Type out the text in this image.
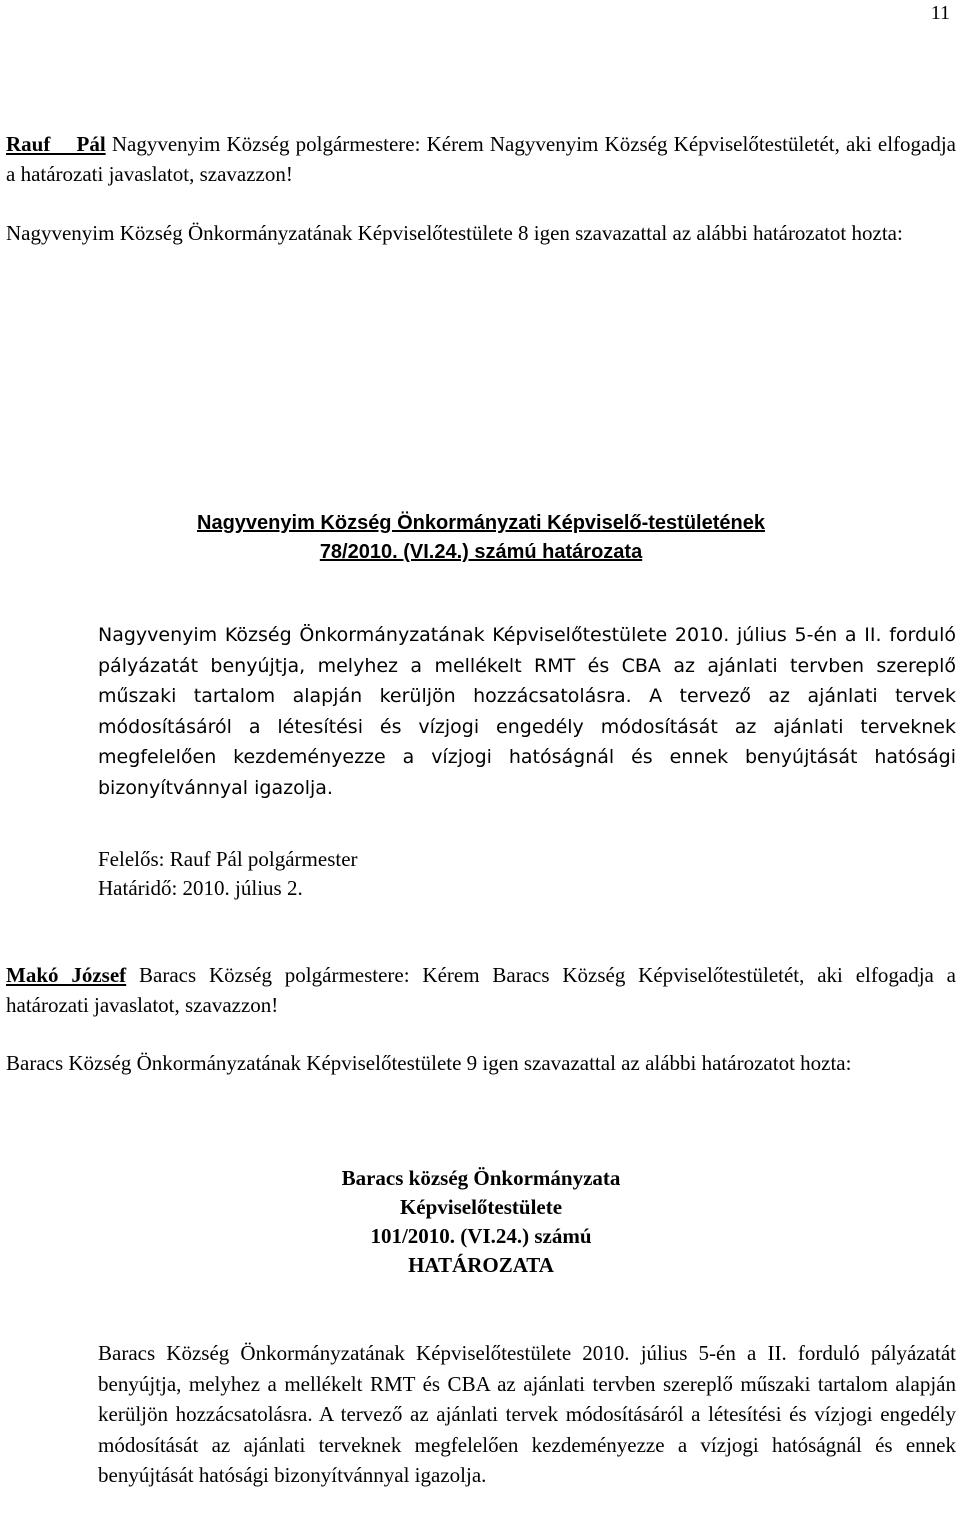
11

Rauf Pál Nagyvenyim Község polgármestere: Kérem Nagyvenyim Község Képviselőtestületét, aki elfogadja a határozati javaslatot, szavazzon!

Nagyvenyim Község Önkormányzatának Képviselőtestülete 8 igen szavazattal az alábbi határozatot hozta:

Nagyvenyim Község Önkormányzati Képviselő-testületének

78/2010. (VI.24.) számú határozata

Nagyvenyim Község Önkormányzatának Képviselőtestülete 2010. július 5-én a II. forduló pályázatát benyújtja, melyhez a mellékelt RMT és CBA az ajánlati tervben szereplő műszaki tartalom alapján kerüljön hozzácsatolásra. A tervező az ajánlati tervek módosításáról a létesítési és vízjogi engedély módosítását az ajánlati terveknek megfelelően kezdeményezze a vízjogi hatóságnál és ennek benyújtását hatósági bizonyítvánnyal igazolja.

Felelős: Rauf Pál polgármester

Határidő: 2010. július 2.

Makó József Baracs Község polgármestere: Kérem Baracs Község Képviselőtestületét, aki elfogadja a határozati javaslatot, szavazzon!

Baracs Község Önkormányzatának Képviselőtestülete 9 igen szavazattal az alábbi határozatot hozta:

Baracs község Önkormányzata

Képviselőtestülete

101/2010. (VI.24.) számú

HATÁROZATA

Baracs Község Önkormányzatának Képviselőtestülete 2010. július 5-én a II. forduló pályázatát benyújtja, melyhez a mellékelt RMT és CBA az ajánlati tervben szereplő műszaki tartalom alapján kerüljön hozzácsatolásra. A tervező az ajánlati tervek módosításáról a létesítési és vízjogi engedély módosítását az ajánlati terveknek megfelelően kezdeményezze a vízjogi hatóságnál és ennek benyújtását hatósági bizonyítvánnyal igazolja.
